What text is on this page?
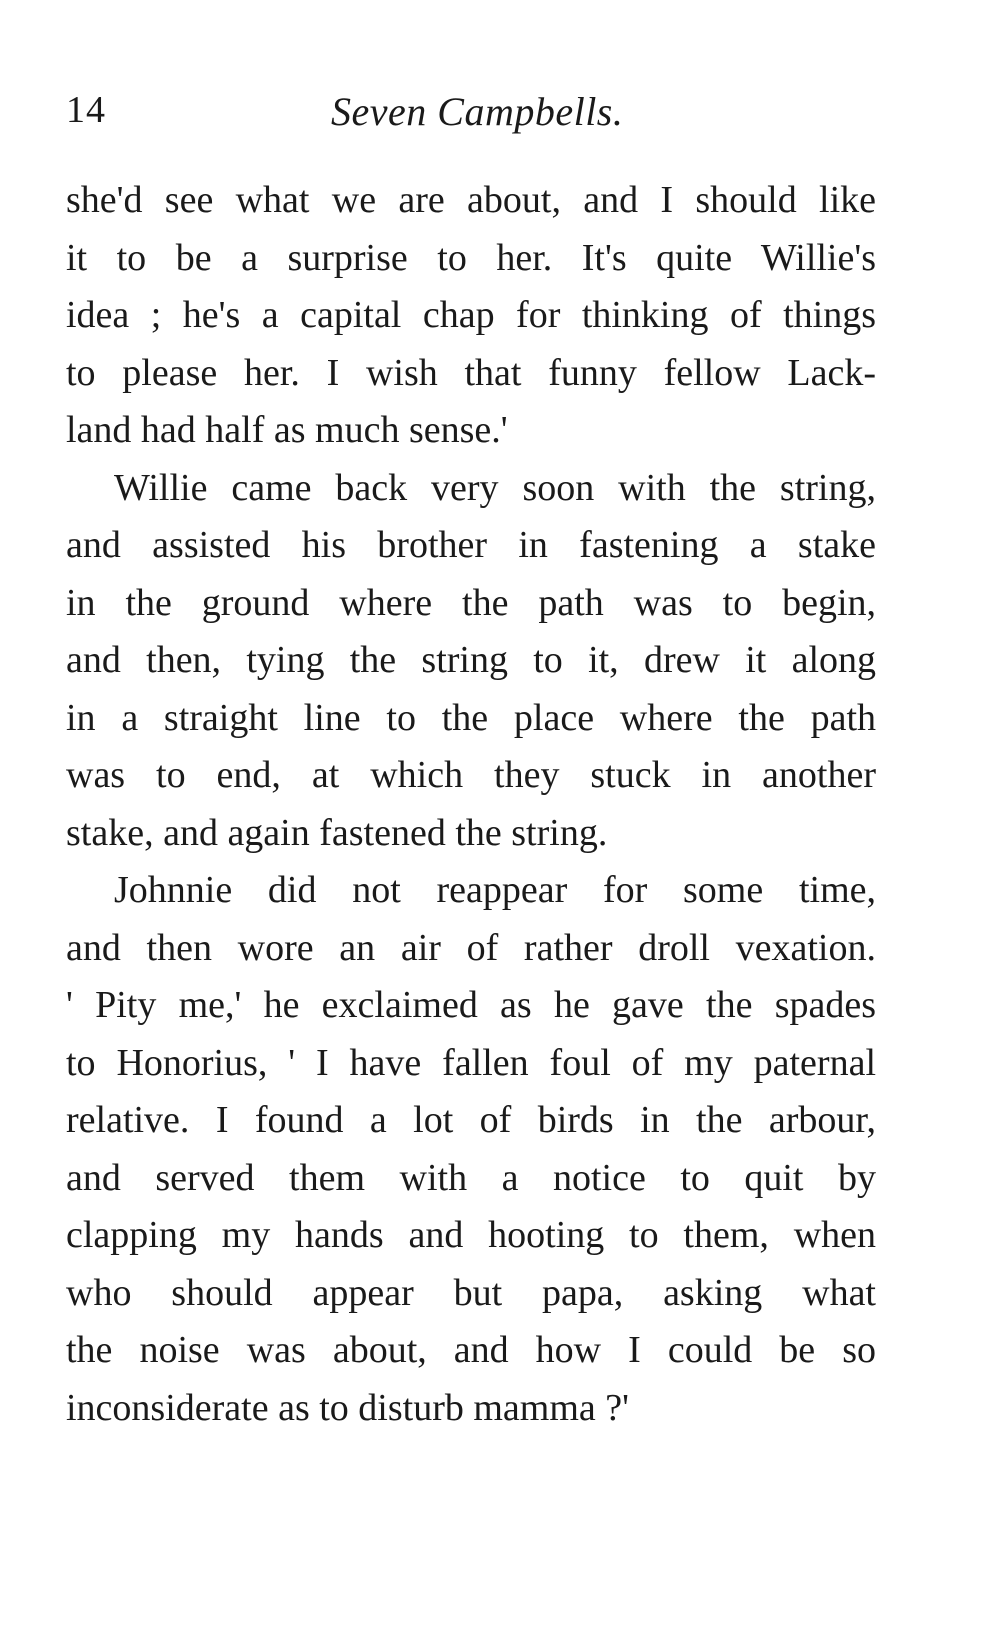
14	Seven Campbells.
she'd see what we are about, and I should like
it to be a surprise to her. It's quite Willie's
idea ; he's a capital chap for thinking of things
to please her. I wish that funny fellow Lack-
land had half as much sense.'
Willie came back very soon with the string,
and assisted his brother in fastening a stake
in the ground where the path was to begin,
and then, tying the string to it, drew it along
in a straight line to the place where the path
was to end, at which they stuck in another
stake, and again fastened the string.
Johnnie did not reappear for some time,
and then wore an air of rather droll vexation.
' Pity me,' he exclaimed as he gave the spades
to Honorius, ' I have fallen foul of my paternal
relative. I found a lot of birds in the arbour,
and served them with a notice to quit by
clapping my hands and hooting to them, when
who should appear but papa, asking what
the noise was about, and how I could be so
inconsiderate as to disturb mamma ?'
